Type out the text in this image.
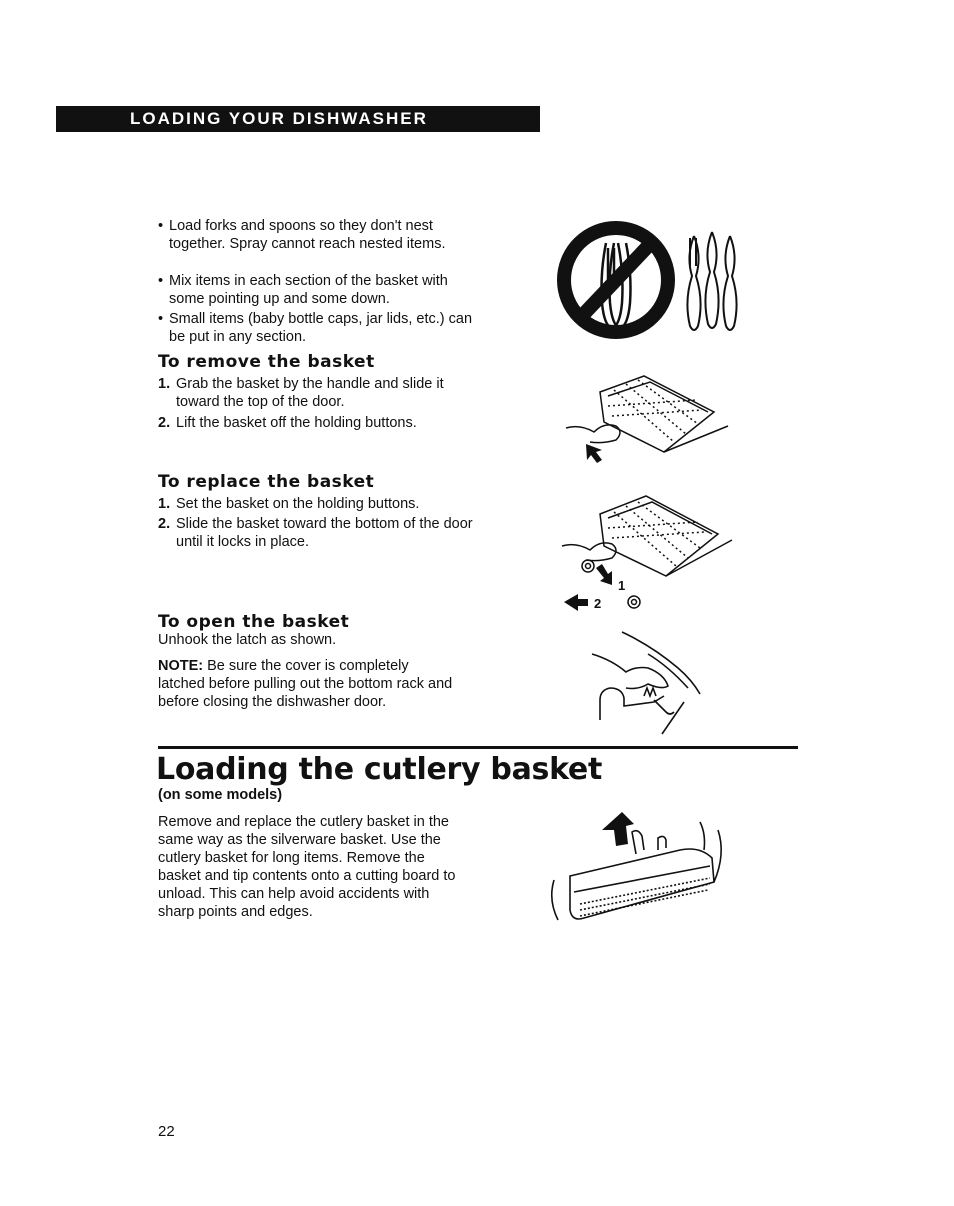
LOADING YOUR DISHWASHER
• Load forks and spoons so they don't nest together. Spray cannot reach nested items.
• Mix items in each section of the basket with some pointing up and some down.
• Small items (baby bottle caps, jar lids, etc.) can be put in any section.
To remove the basket
1. Grab the basket by the handle and slide it toward the top of the door.
2. Lift the basket off the holding buttons.
To replace the basket
1. Set the basket on the holding buttons.
2. Slide the basket toward the bottom of the door until it locks in place.
To open the basket
Unhook the latch as shown.
NOTE: Be sure the cover is completely latched before pulling out the bottom rack and before closing the dishwasher door.
Loading the cutlery basket
(on some models)
Remove and replace the cutlery basket in the same way as the silverware basket. Use the cutlery basket for long items. Remove the basket and tip contents onto a cutting board to unload. This can help avoid accidents with sharp points and edges.
1
2
22
